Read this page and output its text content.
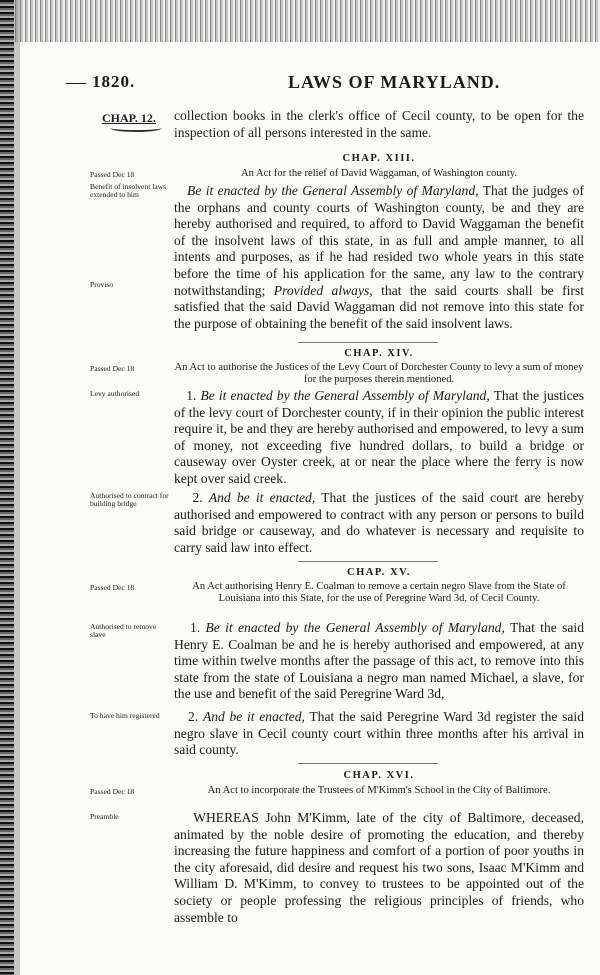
1820.	LAWS OF MARYLAND.
CHAP. 12.	collection books in the clerk's office of Cecil county, to be open for the inspection of all persons interested in the same.
CHAP. XIII.
Passed Dec 18	An Act for the relief of David Waggaman, of Washington county.
Benefit of insolvent laws extended to him
Proviso
Be it enacted by the General Assembly of Maryland, That the judges of the orphans and county courts of Washington county, be and they are hereby authorised and required, to afford to David Waggaman the benefit of the insolvent laws of this state, in as full and ample manner, to all intents and purposes, as if he had resided two whole years in this state before the time of his application for the same, any law to the contrary notwithstanding; Provided always, that the said courts shall be first satisfied that the said David Waggaman did not remove into this state for the purpose of obtaining the benefit of the said insolvent laws.
CHAP. XIV.
Passed Dec 18	An Act to authorise the Justices of the Levy Court of Dorchester County to levy a sum of money for the purposes therein mentioned.
Levy authorised	1. Be it enacted by the General Assembly of Maryland, That the justices of the levy court of Dorchester county, if in their opinion the public interest require it, be and they are hereby authorised and empowered, to levy a sum of money, not exceeding five hundred dollars, to build a bridge or causeway over Oyster creek, at or near the place where the ferry is now kept over said creek.
Authorised to contract for building bridge	2. And be it enacted, That the justices of the said court are hereby authorised and empowered to contract with any person or persons to build said bridge or causeway, and do whatever is necessary and requisite to carry said law into effect.
CHAP. XV.
Passed Dec 18	An Act authorising Henry E. Coalman to remove a certain negro Slave from the State of Louisiana into this State, for the use of Peregrine Ward 3d, of Cecil County.
Authorised to remove slave	1. Be it enacted by the General Assembly of Maryland, That the said Henry E. Coalman be and he is hereby authorised and empowered, at any time within twelve months after the passage of this act, to remove into this state from the state of Louisiana a negro man named Michael, a slave, for the use and benefit of the said Peregrine Ward 3d,
To have him registered	2. And be it enacted, That the said Peregrine Ward 3d register the said negro slave in Cecil county court within three months after his arrival in said county.
CHAP. XVI.
Passed Dec 18	An Act to incorporate the Trustees of M'Kimm's School in the City of Baltimore.
Preamble	WHEREAS John M'Kimm, late of the city of Baltimore, deceased, animated by the noble desire of promoting the education, and thereby increasing the future happiness and comfort of a portion of poor youths in the city aforesaid, did desire and request his two sons, Isaac M'Kimm and William D. M'Kimm, to convey to trustees to be appointed out of the society or people professing the religious principles of friends, who assemble to
